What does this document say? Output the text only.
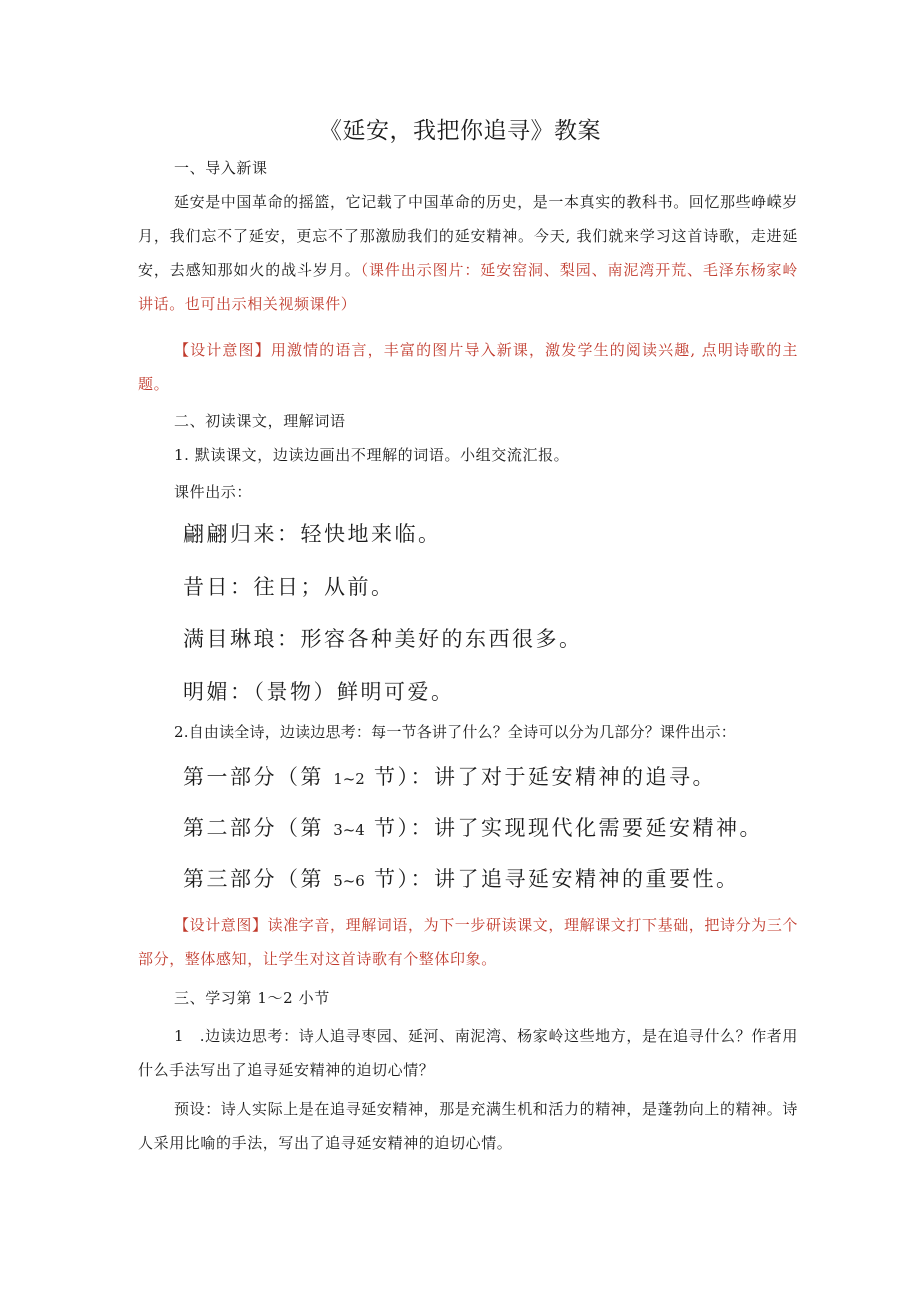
《延安，我把你追寻》教案
一、导入新课

延安是中国革命的摇篮，它记载了中国革命的历史，是一本真实的教科书。回忆那些峥嵘岁月，我们忘不了延安，更忘不了那激励我们的延安精神。今天, 我们就来学习这首诗歌，走进延安，去感知那如火的战斗岁月。（课件出示图片：延安窑洞、梨园、南泥湾开荒、毛泽东杨家岭讲话。也可出示相关视频课件）

【设计意图】用激情的语言，丰富的图片导入新课，激发学生的阅读兴趣, 点明诗歌的主题。

二、初读课文，理解词语
1. 默读课文，边读边画出不理解的词语。小组交流汇报。
课件出示：
翩翩归来：轻快地来临。
昔日：往日；从前。
满目琳琅：形容各种美好的东西很多。
明媚：（景物）鲜明可爱。
2.自由读全诗，边读边思考：每一节各讲了什么？全诗可以分为几部分？课件出示：
第一部分（第 1~2 节）：讲了对于延安精神的追寻。
第二部分（第 3~4 节）：讲了实现现代化需要延安精神。
第三部分（第 5~6 节）：讲了追寻延安精神的重要性。

【设计意图】读准字音，理解词语，为下一步研读课文，理解课文打下基础，把诗分为三个部分，整体感知，让学生对这首诗歌有个整体印象。

三、学习第 1～2 小节

1　.边读边思考：诗人追寻枣园、延河、南泥湾、杨家岭这些地方，是在追寻什么？作者用什么手法写出了追寻延安精神的迫切心情？

预设：诗人实际上是在追寻延安精神，那是充满生机和活力的精神，是蓬勃向上的精神。诗人采用比喻的手法，写出了追寻延安精神的迫切心情。
